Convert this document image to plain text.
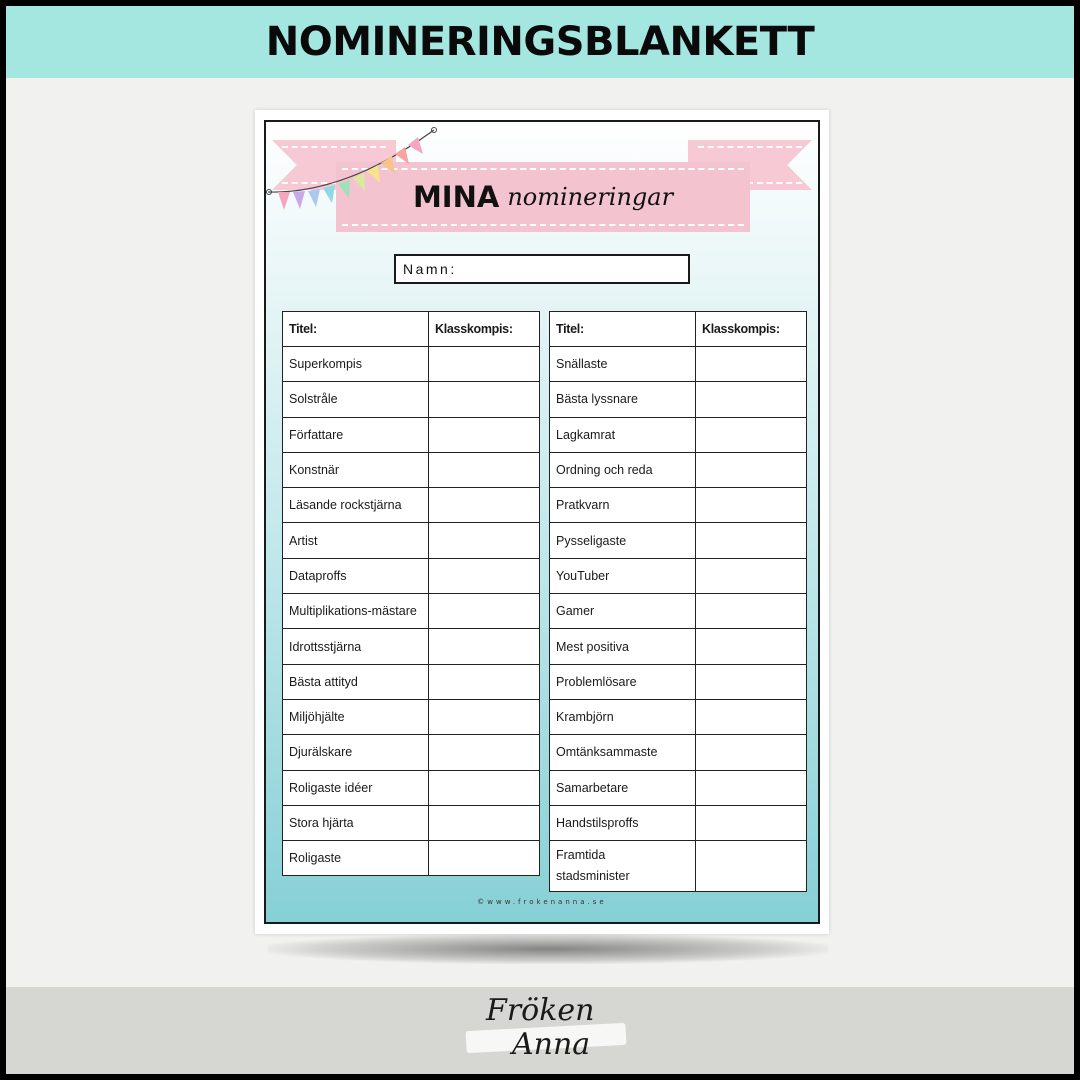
NOMINERINGSBLANKETT
MINA nomineringar
Namn:
Titel:	Klasskompis:
Superkompis	
Solstråle	
Författare	
Konstnär	
Läsande rockstjärna	
Artist	
Dataproffs	
Multiplikations-mästare	
Idrottsstjärna	
Bästa attityd	
Miljöhjälte	
Djurälskare	
Roligaste idéer	
Stora hjärta	
Roligaste	
Titel:	Klasskompis:
Snällaste	
Bästa lyssnare	
Lagkamrat	
Ordning och reda	
Pratkvarn	
Pysseligaste	
YouTuber	
Gamer	
Mest positiva	
Problemlösare	
Krambjörn	
Omtänksammaste	
Samarbetare	
Handstilsproffs	
Framtida
stadsminister	
©www.frokenanna.se
Fröken
Anna
